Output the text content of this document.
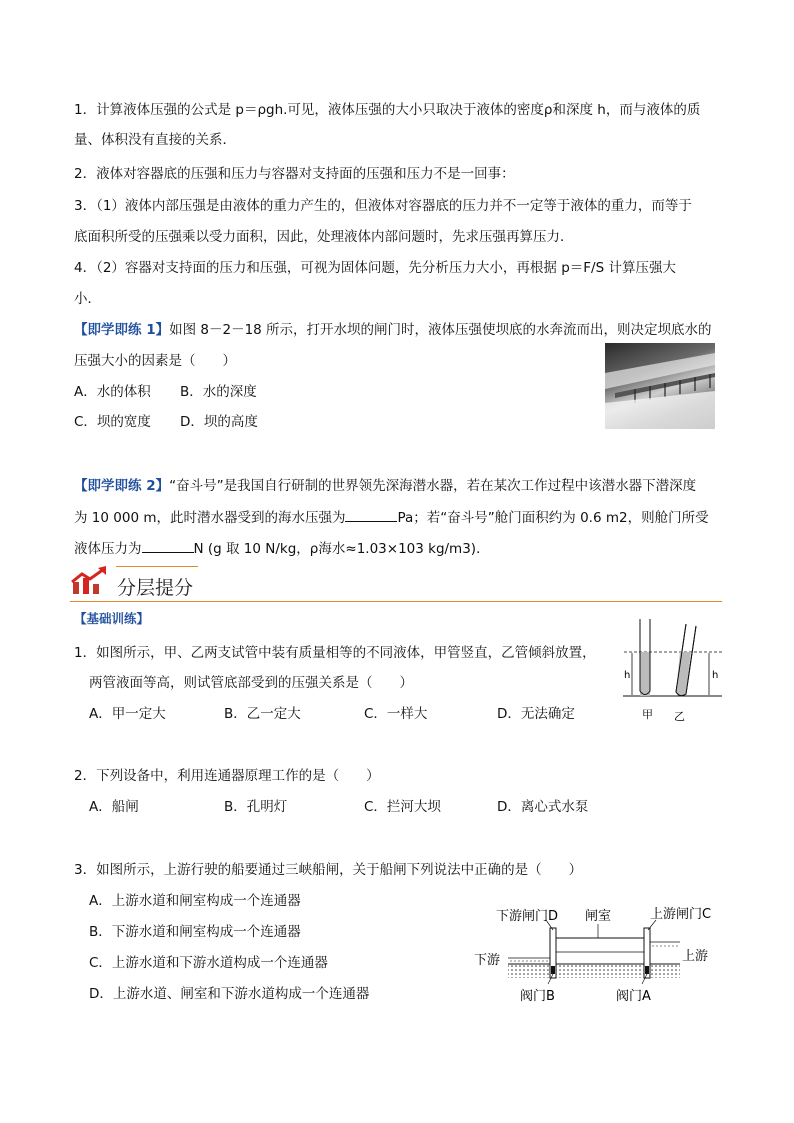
1．计算液体压强的公式是 p＝ρgh.可见，液体压强的大小只取决于液体的密度ρ和深度 h，而与液体的质
量、体积没有直接的关系．
2．液体对容器底的压强和压力与容器对支持面的压强和压力不是一回事：
3．（1）液体内部压强是由液体的重力产生的，但液体对容器底的压力并不一定等于液体的重力，而等于
底面积所受的压强乘以受力面积，因此，处理液体内部问题时，先求压强再算压力．
4．（2）容器对支持面的压力和压强，可视为固体问题，先分析压力大小，再根据 p＝F/S 计算压强大
小．
【即学即练 1】如图 8－2－18 所示，打开水坝的闸门时，液体压强使坝底的水奔流而出，则决定坝底水的
压强大小的因素是（　　）
A．水的体积 B．水的深度
C．坝的宽度 D．坝的高度
【即学即练 2】“奋斗号”是我国自行研制的世界领先深海潜水器，若在某次工作过程中该潜水器下潜深度
为 10 000 m，此时潜水器受到的海水压强为	Pa；若“奋斗号”舱门面积约为 0.6 m2，则舱门所受
液体压力为	N (g 取 10 N/kg，ρ海水≈1.03×103 kg/m3)．
分层提分
【基础训练】
1．如图所示，甲、乙两支试管中装有质量相等的不同液体，甲管竖直，乙管倾斜放置，
两管液面等高，则试管底部受到的压强关系是（　　）
A．甲一定大	B．乙一定大	C．一样大	D．无法确定
h	h
甲 乙
2．下列设备中，利用连通器原理工作的是（　　）
A．船闸	B．孔明灯	C．拦河大坝	D．离心式水泵
3．如图所示，上游行驶的船要通过三峡船闸，关于船闸下列说法中正确的是（　　）
A．上游水道和闸室构成一个连通器
B．下游水道和闸室构成一个连通器
C．上游水道和下游水道构成一个连通器
D．上游水道、闸室和下游水道构成一个连通器
下游闸门D 闸室	上游闸门C
下游	上游
阀门B	阀门A
